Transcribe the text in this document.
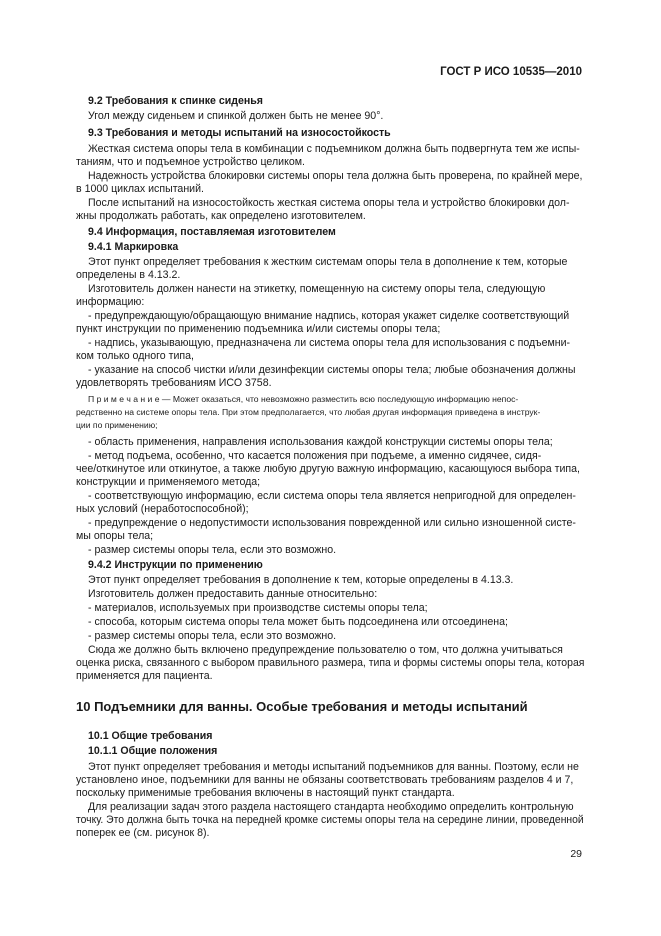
ГОСТ Р ИСО 10535—2010
9.2 Требования к спинке сиденья
Угол между сиденьем и спинкой должен быть не менее 90°.
9.3 Требования и методы испытаний на износостойкость
Жесткая система опоры тела в комбинации с подъемником должна быть подвергнута тем же испы-
таниям, что и подъемное устройство целиком.
Надежность устройства блокировки системы опоры тела должна быть проверена, по крайней мере,
в 1000 циклах испытаний.
После испытаний на износостойкость жесткая система опоры тела и устройство блокировки дол-
жны продолжать работать, как определено изготовителем.
9.4 Информация, поставляемая изготовителем
9.4.1 Маркировка
Этот пункт определяет требования к жестким системам опоры тела в дополнение к тем, которые
определены в 4.13.2.
Изготовитель должен нанести на этикетку, помещенную на систему опоры тела, следующую
информацию:
- предупреждающую/обращающую внимание надпись, которая укажет сиделке соответствующий
пункт инструкции по применению подъемника и/или системы опоры тела;
- надпись, указывающую, предназначена ли система опоры тела для использования с подъемни-
ком только одного типа,
- указание на способ чистки и/или дезинфекции системы опоры тела; любые обозначения должны
удовлетворять требованиям ИСО 3758.
П р и м е ч а н и е — Может оказаться, что невозможно разместить всю последующую информацию непос-
редственно на системе опоры тела. При этом предполагается, что любая другая информация приведена в инструк-
ции по применению;
- область применения, направления использования каждой конструкции системы опоры тела;
- метод подъема, особенно, что касается положения при подъеме, а именно сидячее, сидя-
чее/откинутое или откинутое, а также любую другую важную информацию, касающуюся выбора типа,
конструкции и применяемого метода;
- соответствующую информацию, если система опоры тела является непригодной для определен-
ных условий (неработоспособной);
- предупреждение о недопустимости использования поврежденной или сильно изношенной систе-
мы опоры тела;
- размер системы опоры тела, если это возможно.
9.4.2 Инструкции по применению
Этот пункт определяет требования в дополнение к тем, которые определены в 4.13.3.
Изготовитель должен предоставить данные относительно:
- материалов, используемых при производстве системы опоры тела;
- способа, которым система опоры тела может быть подсоединена или отсоединена;
- размер системы опоры тела, если это возможно.
Сюда же должно быть включено предупреждение пользователю о том, что должна учитываться
оценка риска, связанного с выбором правильного размера, типа и формы системы опоры тела, которая
применяется для пациента.
10 Подъемники для ванны. Особые требования и методы испытаний
10.1 Общие требования
10.1.1 Общие положения
Этот пункт определяет требования и методы испытаний подъемников для ванны. Поэтому, если не
установлено иное, подъемники для ванны не обязаны соответствовать требованиям разделов 4 и 7,
поскольку применимые требования включены в настоящий пункт стандарта.
Для реализации задач этого раздела настоящего стандарта необходимо определить контрольную
точку. Это должна быть точка на передней кромке системы опоры тела на середине линии, проведенной
поперек ее (см. рисунок 8).
29
